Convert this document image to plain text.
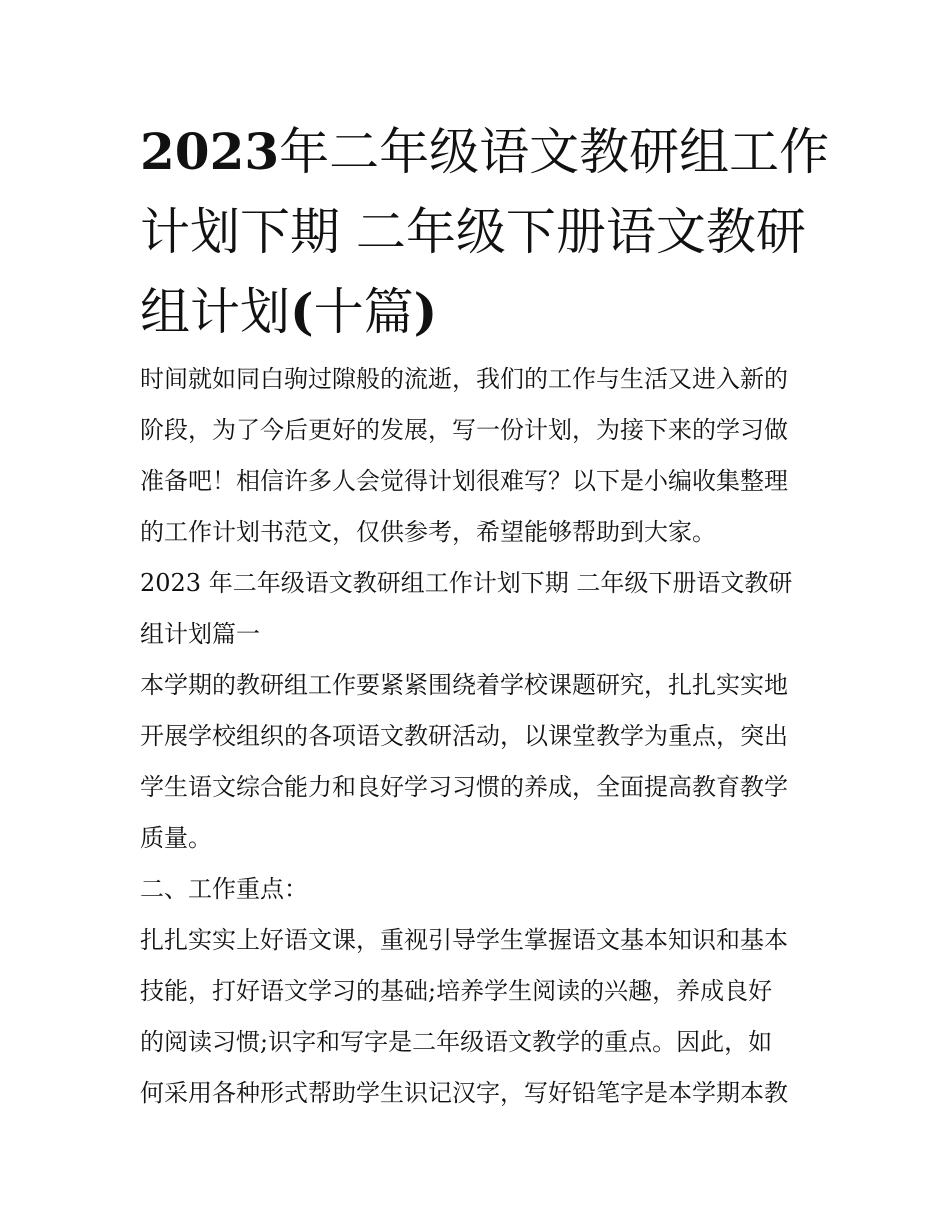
2023年二年级语文教研组工作
计划下期 二年级下册语文教研
组计划(十篇)
时间就如同白驹过隙般的流逝，我们的工作与生活又进入新的
阶段，为了今后更好的发展，写一份计划，为接下来的学习做
准备吧！相信许多人会觉得计划很难写？以下是小编收集整理
的工作计划书范文，仅供参考，希望能够帮助到大家。
2023 年二年级语文教研组工作计划下期 二年级下册语文教研
组计划篇一
本学期的教研组工作要紧紧围绕着学校课题研究，扎扎实实地
开展学校组织的各项语文教研活动，以课堂教学为重点，突出
学生语文综合能力和良好学习习惯的养成，全面提高教育教学
质量。
二、工作重点：
扎扎实实上好语文课，重视引导学生掌握语文基本知识和基本
技能，打好语文学习的基础;培养学生阅读的兴趣，养成良好
的阅读习惯;识字和写字是二年级语文教学的重点。因此，如
何采用各种形式帮助学生识记汉字，写好铅笔字是本学期本教
